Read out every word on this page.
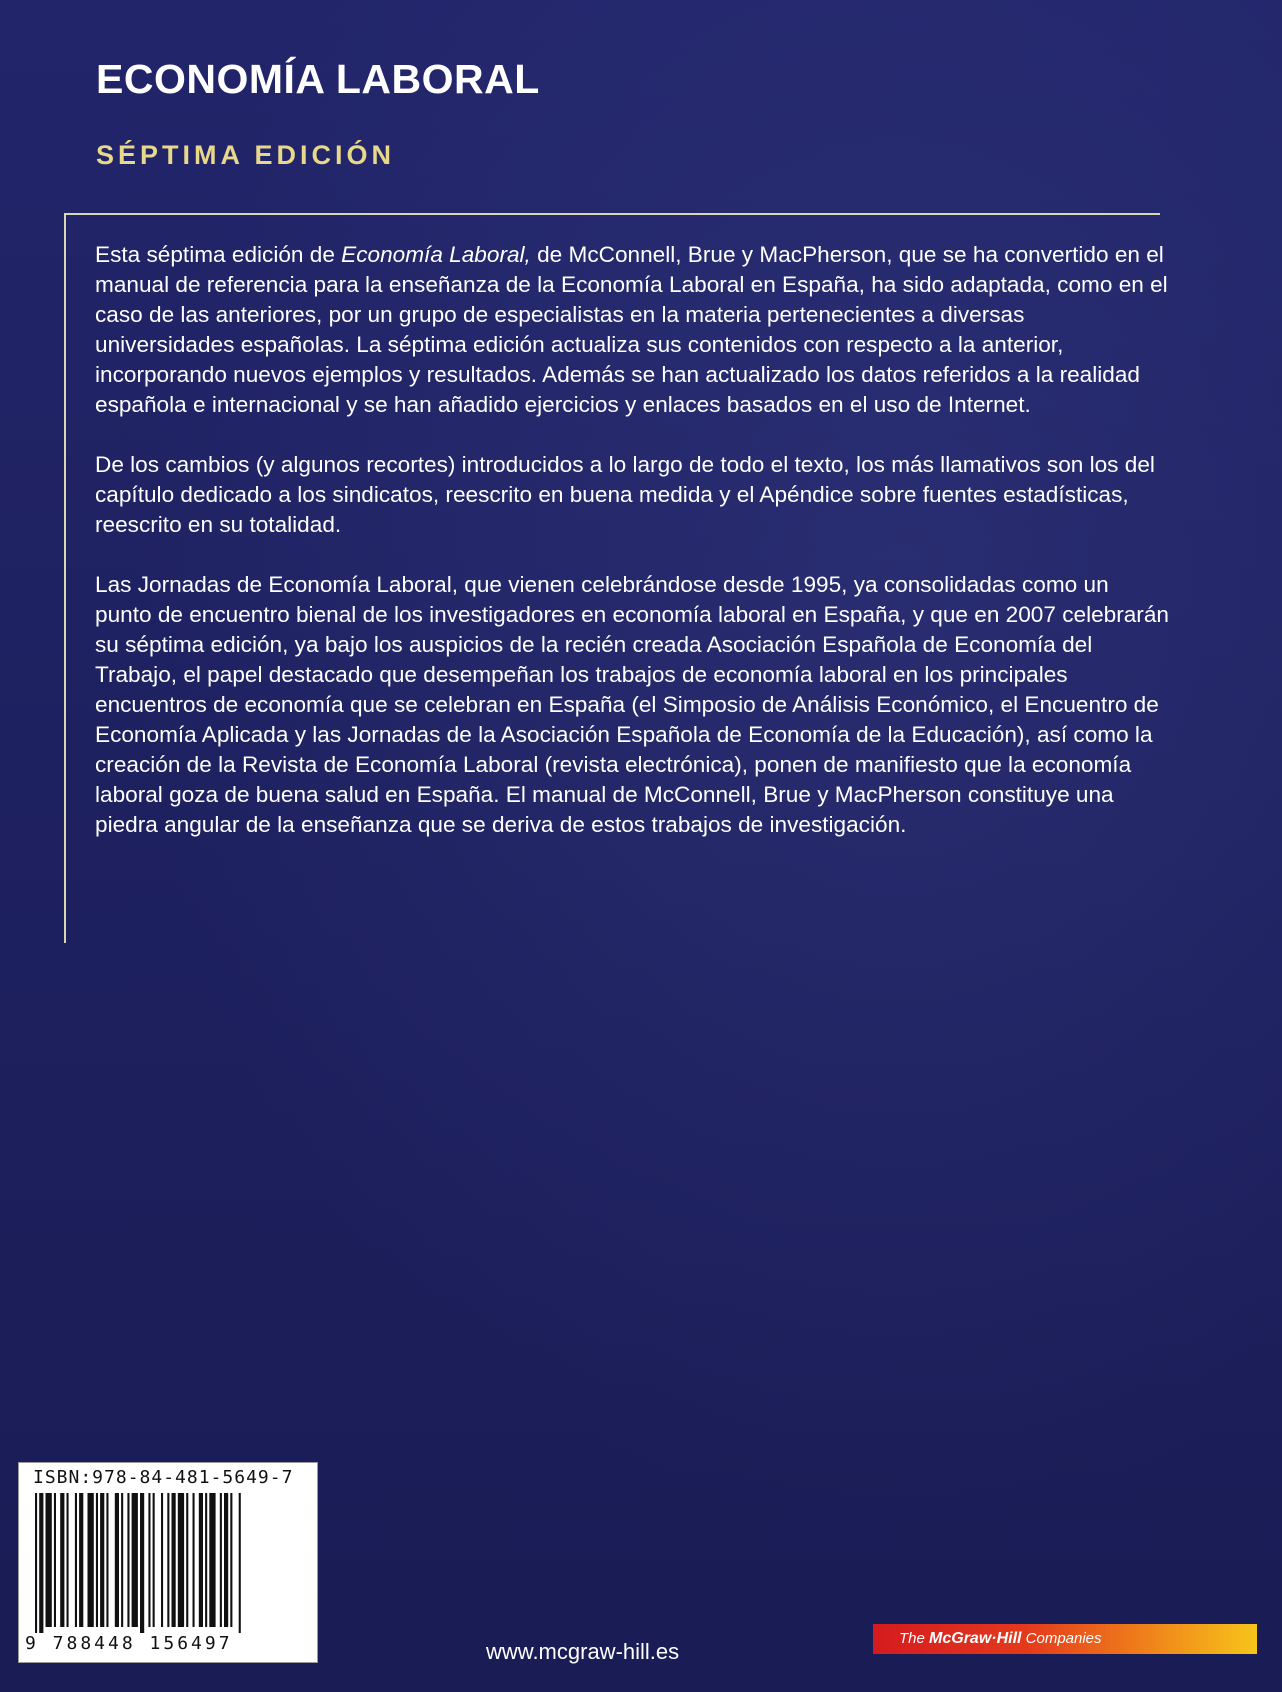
ECONOMÍA LABORAL
SÉPTIMA EDICIÓN

Esta séptima edición de Economía Laboral, de McConnell, Brue y MacPherson, que se ha convertido en el manual de referencia para la enseñanza de la Economía Laboral en España, ha sido adaptada, como en el caso de las anteriores, por un grupo de especialistas en la materia pertenecientes a diversas universidades españolas. La séptima edición actualiza sus contenidos con respecto a la anterior, incorporando nuevos ejemplos y resultados. Además se han actualizado los datos referidos a la realidad española e internacional y se han añadido ejercicios y enlaces basados en el uso de Internet.

De los cambios (y algunos recortes) introducidos a lo largo de todo el texto, los más llamativos son los del capítulo dedicado a los sindicatos, reescrito en buena medida y el Apéndice sobre fuentes estadísticas, reescrito en su totalidad.

Las Jornadas de Economía Laboral, que vienen celebrándose desde 1995, ya consolidadas como un punto de encuentro bienal de los investigadores en economía laboral en España, y que en 2007 celebrarán su séptima edición, ya bajo los auspicios de la recién creada Asociación Española de Economía del Trabajo, el papel destacado que desempeñan los trabajos de economía laboral en los principales encuentros de economía que se celebran en España (el Simposio de Análisis Económico, el Encuentro de Economía Aplicada y las Jornadas de la Asociación Española de Economía de la Educación), así como la creación de la Revista de Economía Laboral (revista electrónica), ponen de manifiesto que la economía laboral goza de buena salud en España. El manual de McConnell, Brue y MacPherson constituye una piedra angular de la enseñanza que se deriva de estos trabajos de investigación.

ISBN:978-84-481-5649-7
9 788448 156497	www.mcgraw-hill.es
The McGraw·Hill Companies
